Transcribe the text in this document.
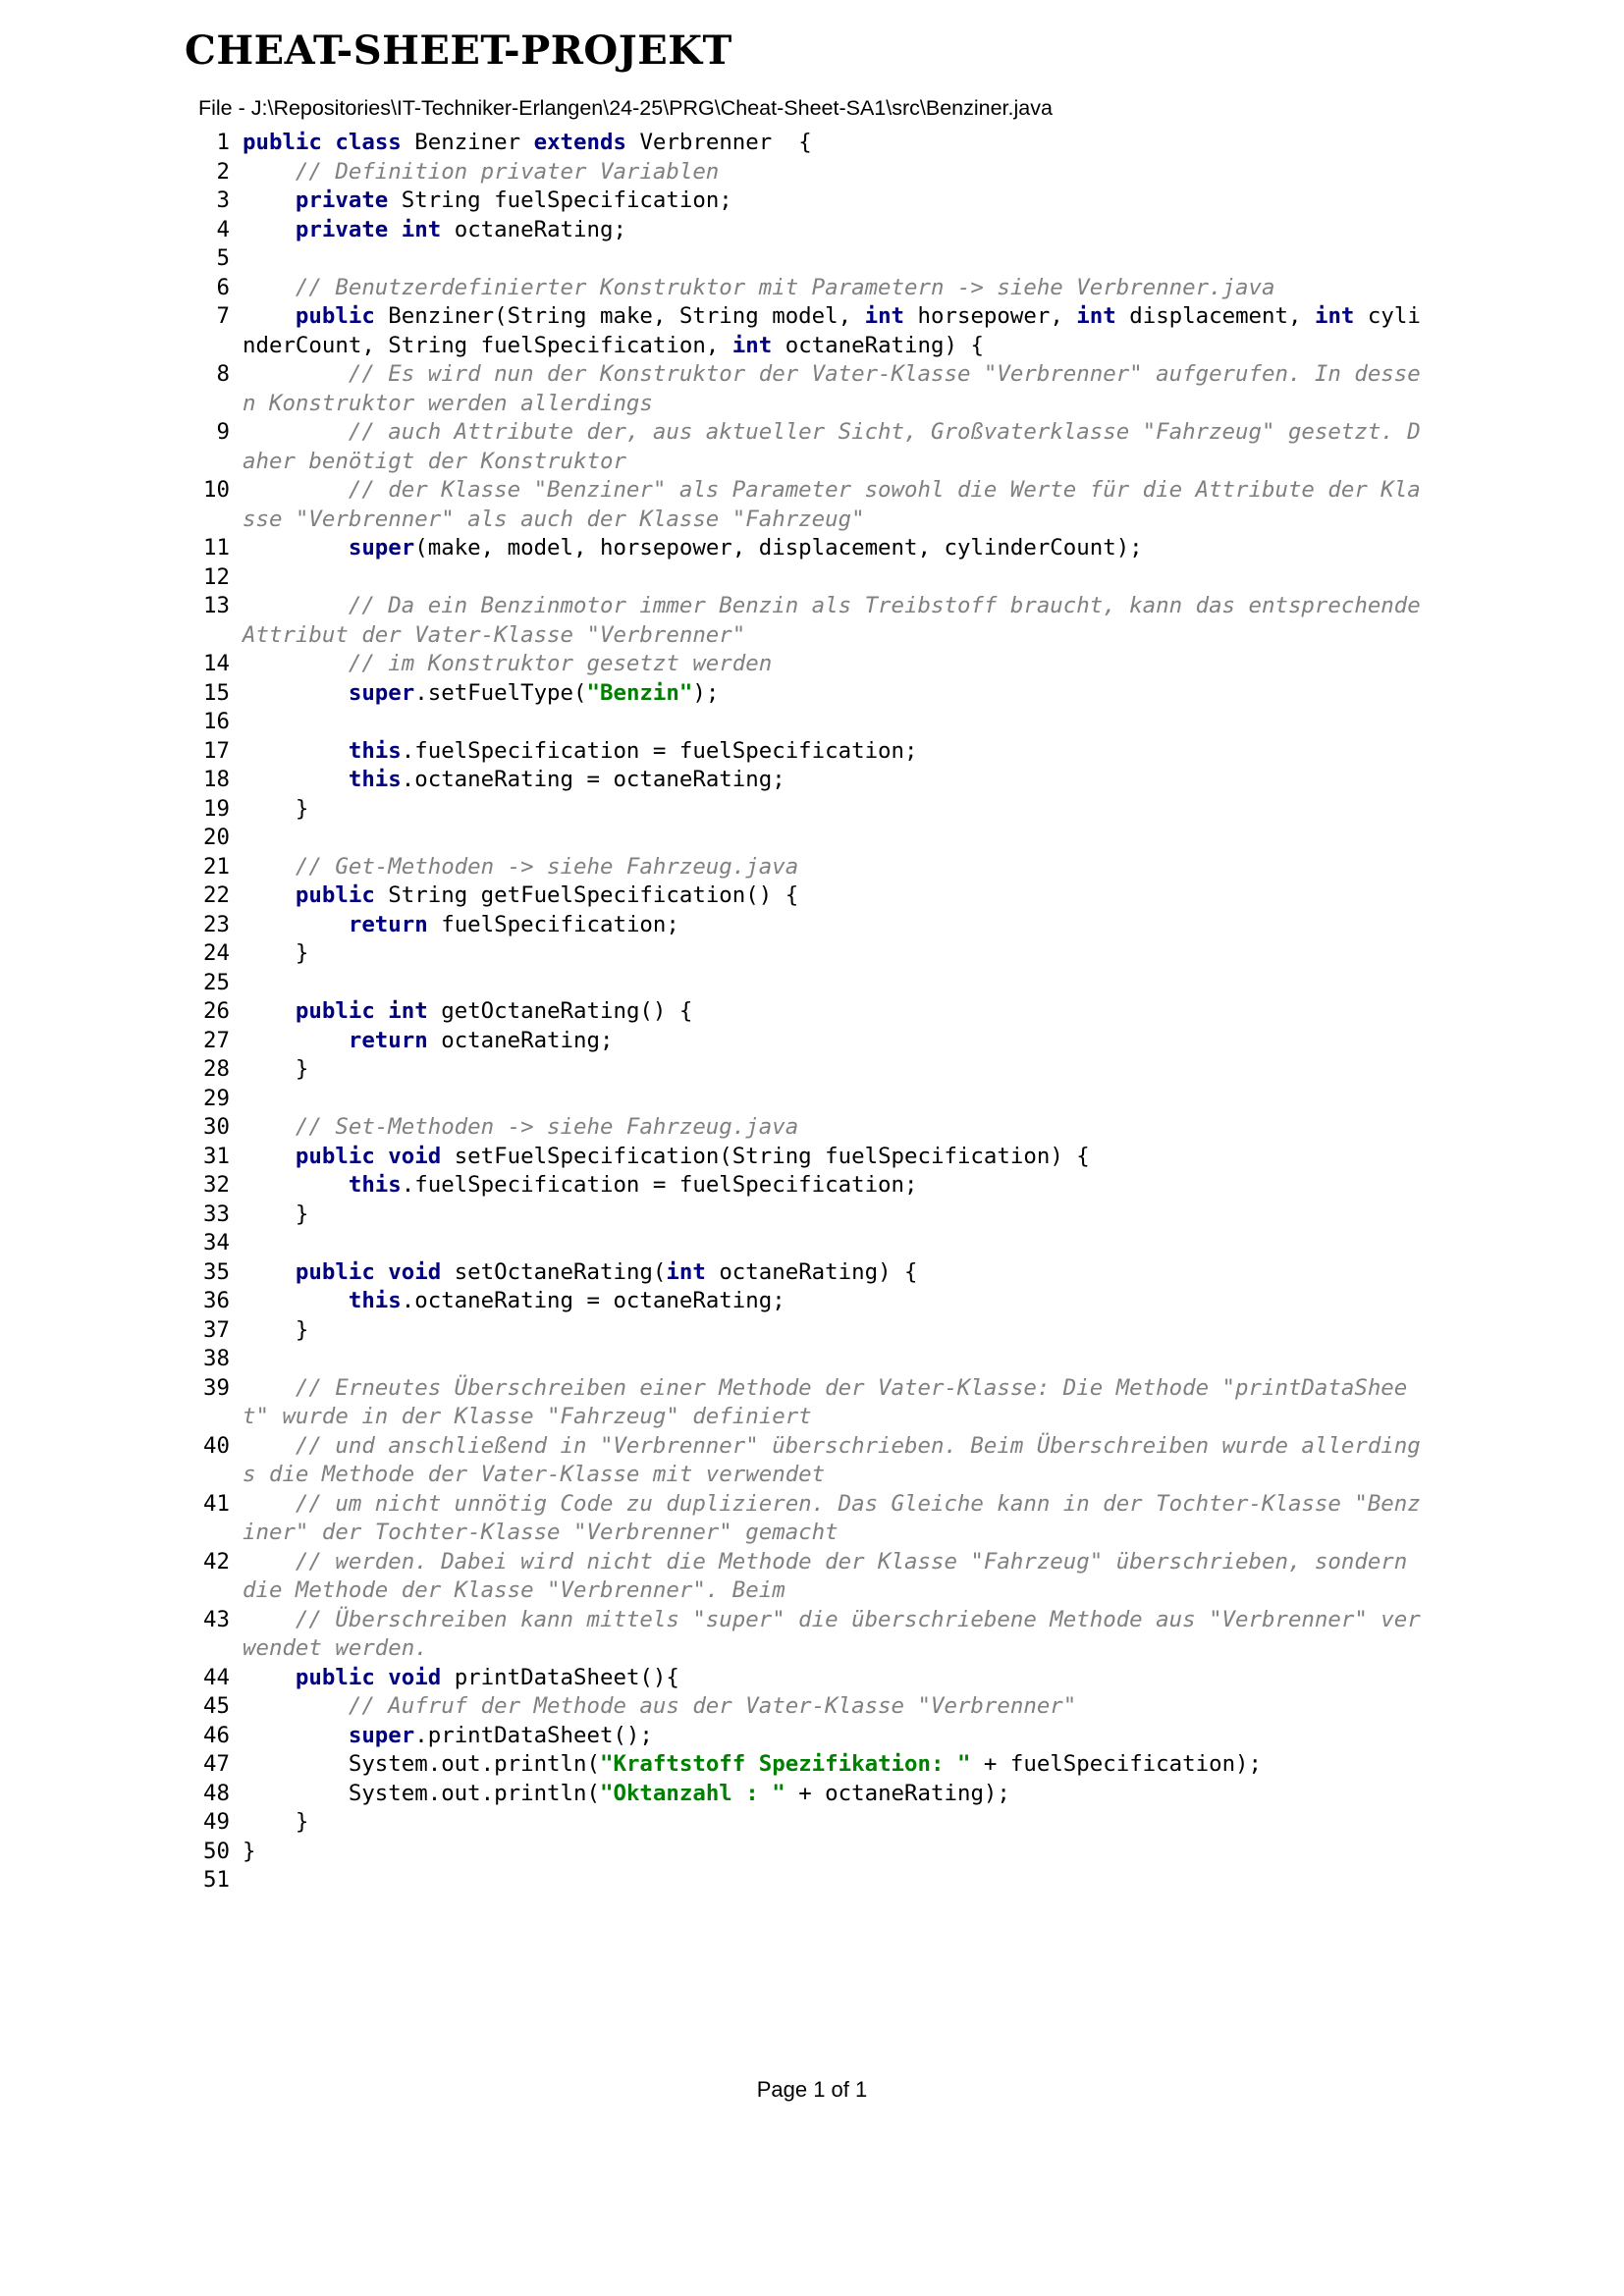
CHEAT-SHEET-PROJEKT
File - J:\Repositories\IT-Techniker-Erlangen\24-25\PRG\Cheat-Sheet-SA1\src\Benziner.java
1 public class Benziner extends Verbrenner  {
2	// Definition privater Variablen
3	private String fuelSpecification;
4	private int octaneRating;
5
6	// Benutzerdefinierter Konstruktor mit Parametern -> siehe Verbrenner.java
7	public Benziner(String make, String model, int horsepower, int displacement, int cylinderCount, String fuelSpecification, int octaneRating) {
8	// Es wird nun der Konstruktor der Vater-Klasse "Verbrenner" aufgerufen. In dessen Konstruktor werden allerdings
9	// auch Attribute der, aus aktueller Sicht, Großvaterklasse "Fahrzeug" gesetzt. Daher benötigt der Konstruktor
10	// der Klasse "Benziner" als Parameter sowohl die Werte für die Attribute der Klasse "Verbrenner" als auch der Klasse "Fahrzeug"
11	super(make, model, horsepower, displacement, cylinderCount);
12
13	// Da ein Benzinmotor immer Benzin als Treibstoff braucht, kann das entsprechende  Attribut der Vater-Klasse "Verbrenner"
14	// im Konstruktor gesetzt werden
15	super.setFuelType("Benzin");
16
17	this.fuelSpecification = fuelSpecification;
18	this.octaneRating = octaneRating;
19 }
20
21	// Get-Methoden -> siehe Fahrzeug.java
22	public String getFuelSpecification() {
23	return fuelSpecification;
24 }
25
26	public int getOctaneRating() {
27	return octaneRating;
28 }
29
30	// Set-Methoden -> siehe Fahrzeug.java
31	public void setFuelSpecification(String fuelSpecification) {
32	this.fuelSpecification = fuelSpecification;
33 }
34
35	public void setOctaneRating(int octaneRating) {
36	this.octaneRating = octaneRating;
37 }
38
39	// Erneutes Überschreiben einer Methode der Vater-Klasse: Die Methode "printDataSheet" wurde in der Klasse "Fahrzeug" definiert
40	// und anschließend in "Verbrenner" überschrieben. Beim Überschreiben wurde allerdings die Methode der Vater-Klasse mit verwendet
41	// um nicht unnötig Code zu duplizieren. Das Gleiche kann in der Tochter-Klasse "Benziner" der Tochter-Klasse "Verbrenner" gemacht
42	// werden. Dabei wird nicht die Methode der Klasse "Fahrzeug" überschrieben, sondern die Methode der Klasse "Verbrenner". Beim
43	// Überschreiben kann mittels "super" die überschriebene Methode aus "Verbrenner" verwendet werden.
44	public void printDataSheet(){
45	// Aufruf der Methode aus der Vater-Klasse "Verbrenner"
46	super.printDataSheet();
47 System.out.println("Kraftstoff Spezifikation: " + fuelSpecification);
48 System.out.println("Oktanzahl : " + octaneRating);
49 }
50 }
51
Page 1 of 1
